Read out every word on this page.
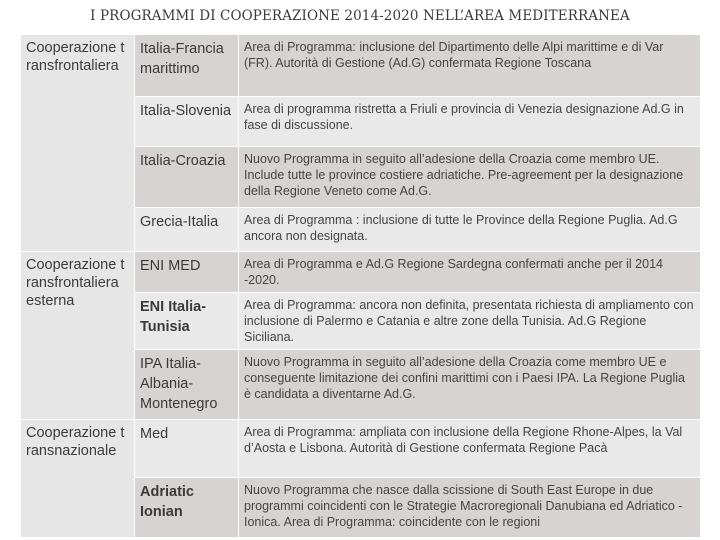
I PROGRAMMI DI COOPERAZIONE 2014-2020 NELL’AREA MEDITERRANEA
Cooperazione transfrontaliera	Italia-Francia marittimo	Area di Programma: inclusione del Dipartimento delle Alpi marittime e di Var (FR). Autorità di Gestione (Ad.G) confermata Regione Toscana
	Italia-Slovenia	Area di programma ristretta a Friuli e provincia di Venezia designazione Ad.G in fase di discussione.
	Italia-Croazia	Nuovo Programma in seguito all’adesione della Croazia come membro UE. Include tutte le province costiere adriatiche. Pre-agreement per la designazione della Regione Veneto come Ad.G.
	Grecia-Italia	Area di Programma : inclusione di tutte le Province della Regione Puglia. Ad.G ancora non designata.
Cooperazione transfrontaliera esterna	ENI MED	Area di Programma e Ad.G Regione Sardegna confermati anche per il 2014 -2020.
	ENI Italia-Tunisia	Area di Programma: ancora non definita, presentata richiesta di ampliamento con inclusione di Palermo e Catania e altre zone della Tunisia. Ad.G Regione Siciliana.
	IPA Italia-Albania-Montenegro	Nuovo Programma in seguito all’adesione della Croazia come membro UE e conseguente limitazione dei confini marittimi con i Paesi IPA. La Regione Puglia è candidata a diventarne Ad.G.
Cooperazione transnazionale	Med	Area di Programma: ampliata con inclusione della Regione Rhone-Alpes, la Val d’Aosta e Lisbona. Autorità di Gestione confermata Regione Pacà
	Adriatic Ionian	Nuovo Programma che nasce dalla scissione di South East Europe in due programmi coincidenti con le Strategie Macroregionali Danubiana ed Adriatico - Ionica. Area di Programma: coincidente con le regioni
